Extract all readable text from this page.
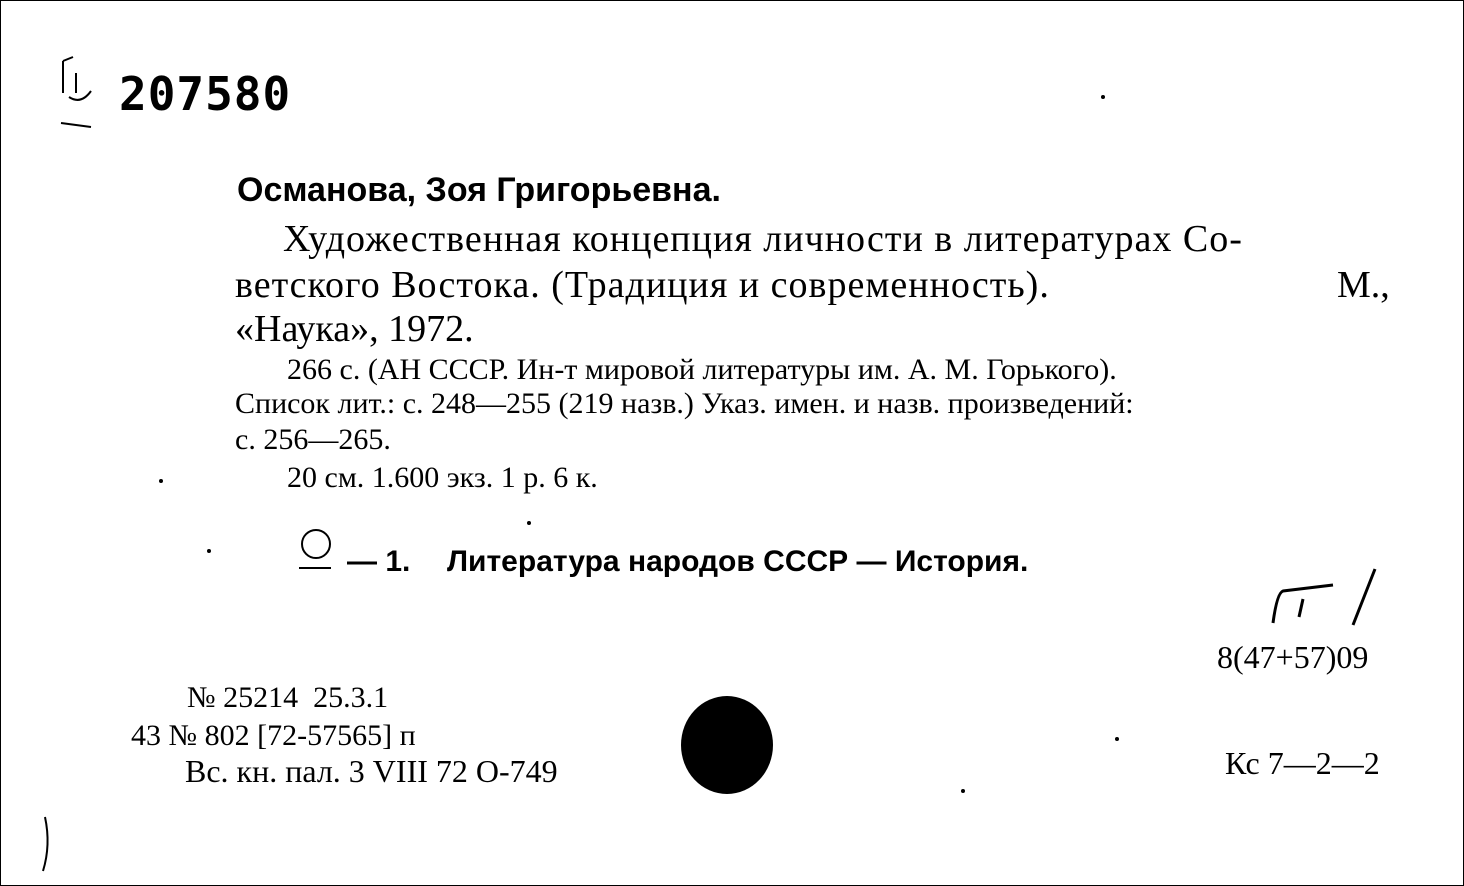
207580
Османова, Зоя Григорьевна.
Художественная концепция личности в литературах Со-
ветского Востока. (Традиция и современность).	М.,
«Наука», 1972.
266 с. (АН СССР. Ин-т мировой литературы им. А. М. Горького).
Список лит.: с. 248—255 (219 назв.) Указ. имен. и назв. произведений:
с. 256—265.
20 см. 1.600 экз. 1 р. 6 к.
— 1. Литература народов СССР — История.
8(47+57)09
№ 25214  25.3.1
43 № 802 [72-57565] п
Вс. кн. пал. 3 VIII 72 О-749	Кс 7—2—2
